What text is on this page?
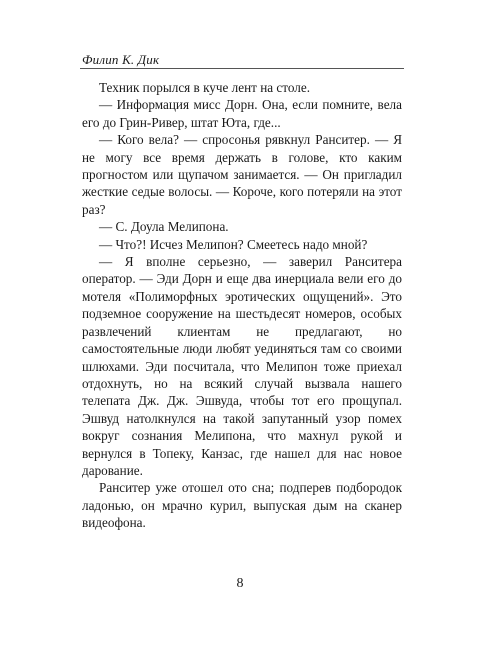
Филип К. Дик

Техник порылся в куче лент на столе.

— Информация мисс Дорн. Она, если помните, вела его до Грин-Ривер, штат Юта, где...

— Кого вела? — спросонья рявкнул Ранситер. — Я не могу все время держать в голове, кто каким прогностом или щупачом занимается. — Он пригладил жесткие седые волосы. — Короче, кого потеряли на этот раз?

— С. Доула Мелипона.

— Что?! Исчез Мелипон? Смеетесь надо мной?

— Я вполне серьезно, — заверил Ранситера оператор. — Эди Дорн и еще два инерциала вели его до мотеля «Полиморфных эротических ощущений». Это подземное сооружение на шестьдесят номеров, особых развлечений клиентам не предлагают, но самостоятельные люди любят уединяться там со своими шлюхами. Эди посчитала, что Мелипон тоже приехал отдохнуть, но на всякий случай вызвала нашего телепата Дж. Дж. Эшвуда, чтобы тот его прощупал. Эшвуд натолкнулся на такой запутанный узор помех вокруг сознания Мелипона, что махнул рукой и вернулся в Топеку, Канзас, где нашел для нас новое дарование.

Ранситер уже отошел ото сна; подперев подбородок ладонью, он мрачно курил, выпуская дым на сканер видеофона.

8
